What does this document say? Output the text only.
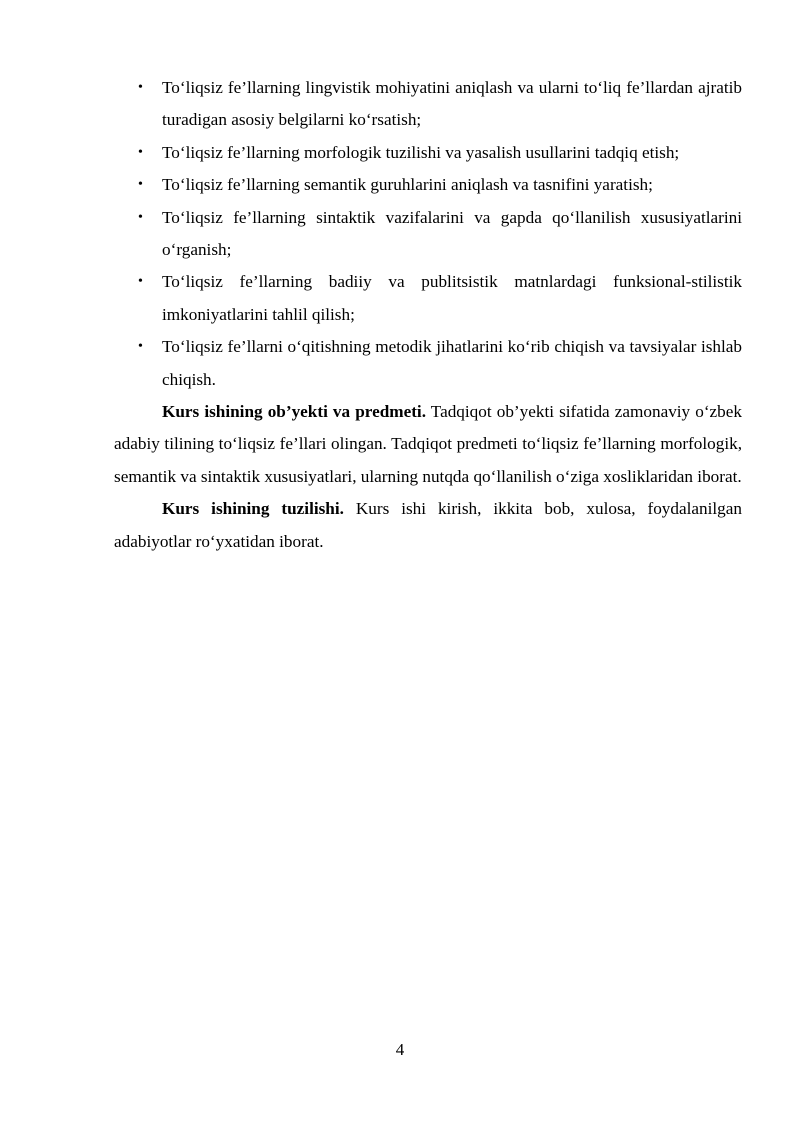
• To‘liqsiz fe’llarning lingvistik mohiyatini aniqlash va ularni to‘liq fe’llardan ajratib turadigan asosiy belgilarni ko‘rsatish;
• To‘liqsiz fe’llarning morfologik tuzilishi va yasalish usullarini tadqiq etish;
• To‘liqsiz fe’llarning semantik guruhlarini aniqlash va tasnifini yaratish;
• To‘liqsiz fe’llarning sintaktik vazifalarini va gapda qo‘llanilish xususiyatlarini o‘rganish;
• To‘liqsiz fe’llarning badiiy va publitsistik matnlardagi funksional-stilistik imkoniyatlarini tahlil qilish;
• To‘liqsiz fe’llarni o‘qitishning metodik jihatlarini ko‘rib chiqish va tavsiyalar ishlab chiqish.

Kurs ishining ob’yekti va predmeti. Tadqiqot ob’yekti sifatida zamonaviy o‘zbek adabiy tilining to‘liqsiz fe’llari olingan. Tadqiqot predmeti to‘liqsiz fe’llarning morfologik, semantik va sintaktik xususiyatlari, ularning nutqda qo‘llanilish o‘ziga xosliklaridan iborat.

Kurs ishining tuzilishi. Kurs ishi kirish, ikkita bob, xulosa, foydalanilgan adabiyotlar ro‘yxatidan iborat.

4
